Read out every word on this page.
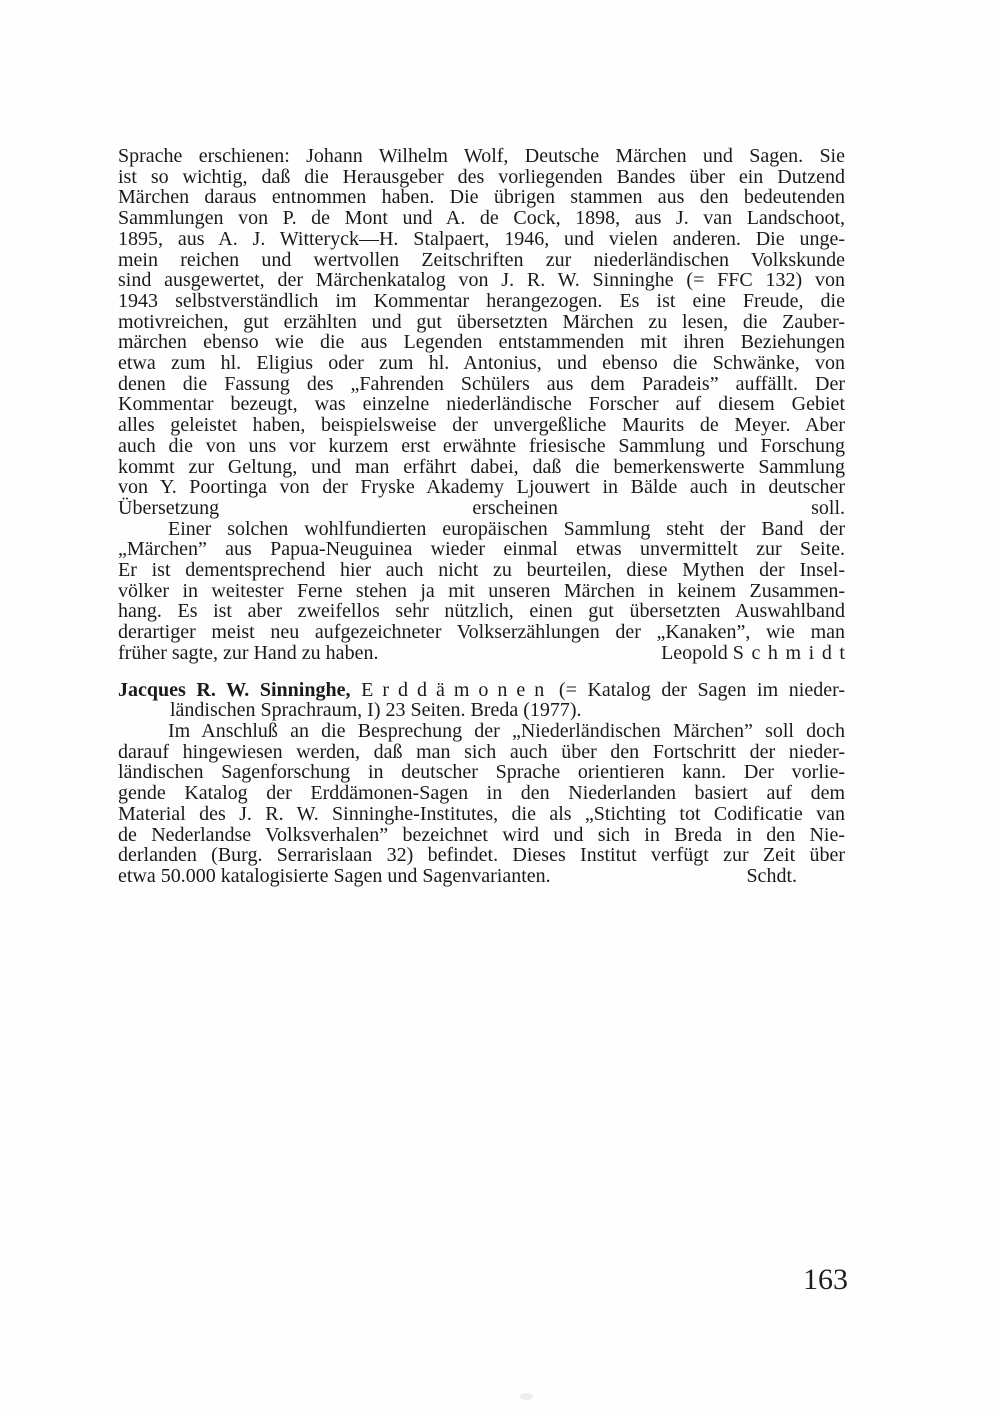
Sprache erschienen: Johann Wilhelm Wolf, Deutsche Märchen und Sagen. Sie
ist so wichtig, daß die Herausgeber des vorliegenden Bandes über ein Dutzend
Märchen daraus entnommen haben. Die übrigen stammen aus den bedeutenden
Sammlungen von P. de Mont und A. de Cock, 1898, aus J. van Landschoot,
1895, aus A. J. Witteryck—H. Stalpaert, 1946, und vielen anderen. Die unge-
mein reichen und wertvollen Zeitschriften zur niederländischen Volkskunde
sind ausgewertet, der Märchenkatalog von J. R. W. Sinninghe (= FFC 132) von
1943 selbstverständlich im Kommentar herangezogen. Es ist eine Freude, die
motivreichen, gut erzählten und gut übersetzten Märchen zu lesen, die Zauber-
märchen ebenso wie die aus Legenden entstammenden mit ihren Beziehungen
etwa zum hl. Eligius oder zum hl. Antonius, und ebenso die Schwänke, von
denen die Fassung des „Fahrenden Schülers aus dem Paradeis” auffällt. Der
Kommentar bezeugt, was einzelne niederländische Forscher auf diesem Gebiet
alles geleistet haben, beispielsweise der unvergeßliche Maurits de Meyer. Aber
auch die von uns vor kurzem erst erwähnte friesische Sammlung und Forschung
kommt zur Geltung, und man erfährt dabei, daß die bemerkenswerte Sammlung
von Y. Poortinga von der Fryske Akademy Ljouwert in Bälde auch in deutscher
Übersetzung erscheinen soll.
Einer solchen wohlfundierten europäischen Sammlung steht der Band der
„Märchen” aus Papua-Neuguinea wieder einmal etwas unvermittelt zur Seite.
Er ist dementsprechend hier auch nicht zu beurteilen, diese Mythen der Insel-
völker in weitester Ferne stehen ja mit unseren Märchen in keinem Zusammen-
hang. Es ist aber zweifellos sehr nützlich, einen gut übersetzten Auswahlband
derartiger meist neu aufgezeichneter Volkserzählungen der „Kanaken”, wie man
früher sagte, zur Hand zu haben.	Leopold Schmidt
Jacques R. W. Sinninghe, Erddämonen (= Katalog der Sagen im nieder-
ländischen Sprachraum, I) 23 Seiten. Breda (1977).
Im Anschluß an die Besprechung der „Niederländischen Märchen” soll doch
darauf hingewiesen werden, daß man sich auch über den Fortschritt der nieder-
ländischen Sagenforschung in deutscher Sprache orientieren kann. Der vorlie-
gende Katalog der Erddämonen-Sagen in den Niederlanden basiert auf dem
Material des J. R. W. Sinninghe-Institutes, die als „Stichting tot Codificatie van
de Nederlandse Volksverhalen” bezeichnet wird und sich in Breda in den Nie-
derlanden (Burg. Serrarislaan 32) befindet. Dieses Institut verfügt zur Zeit über
etwa 50.000 katalogisierte Sagen und Sagenvarianten.	Schdt.
163
